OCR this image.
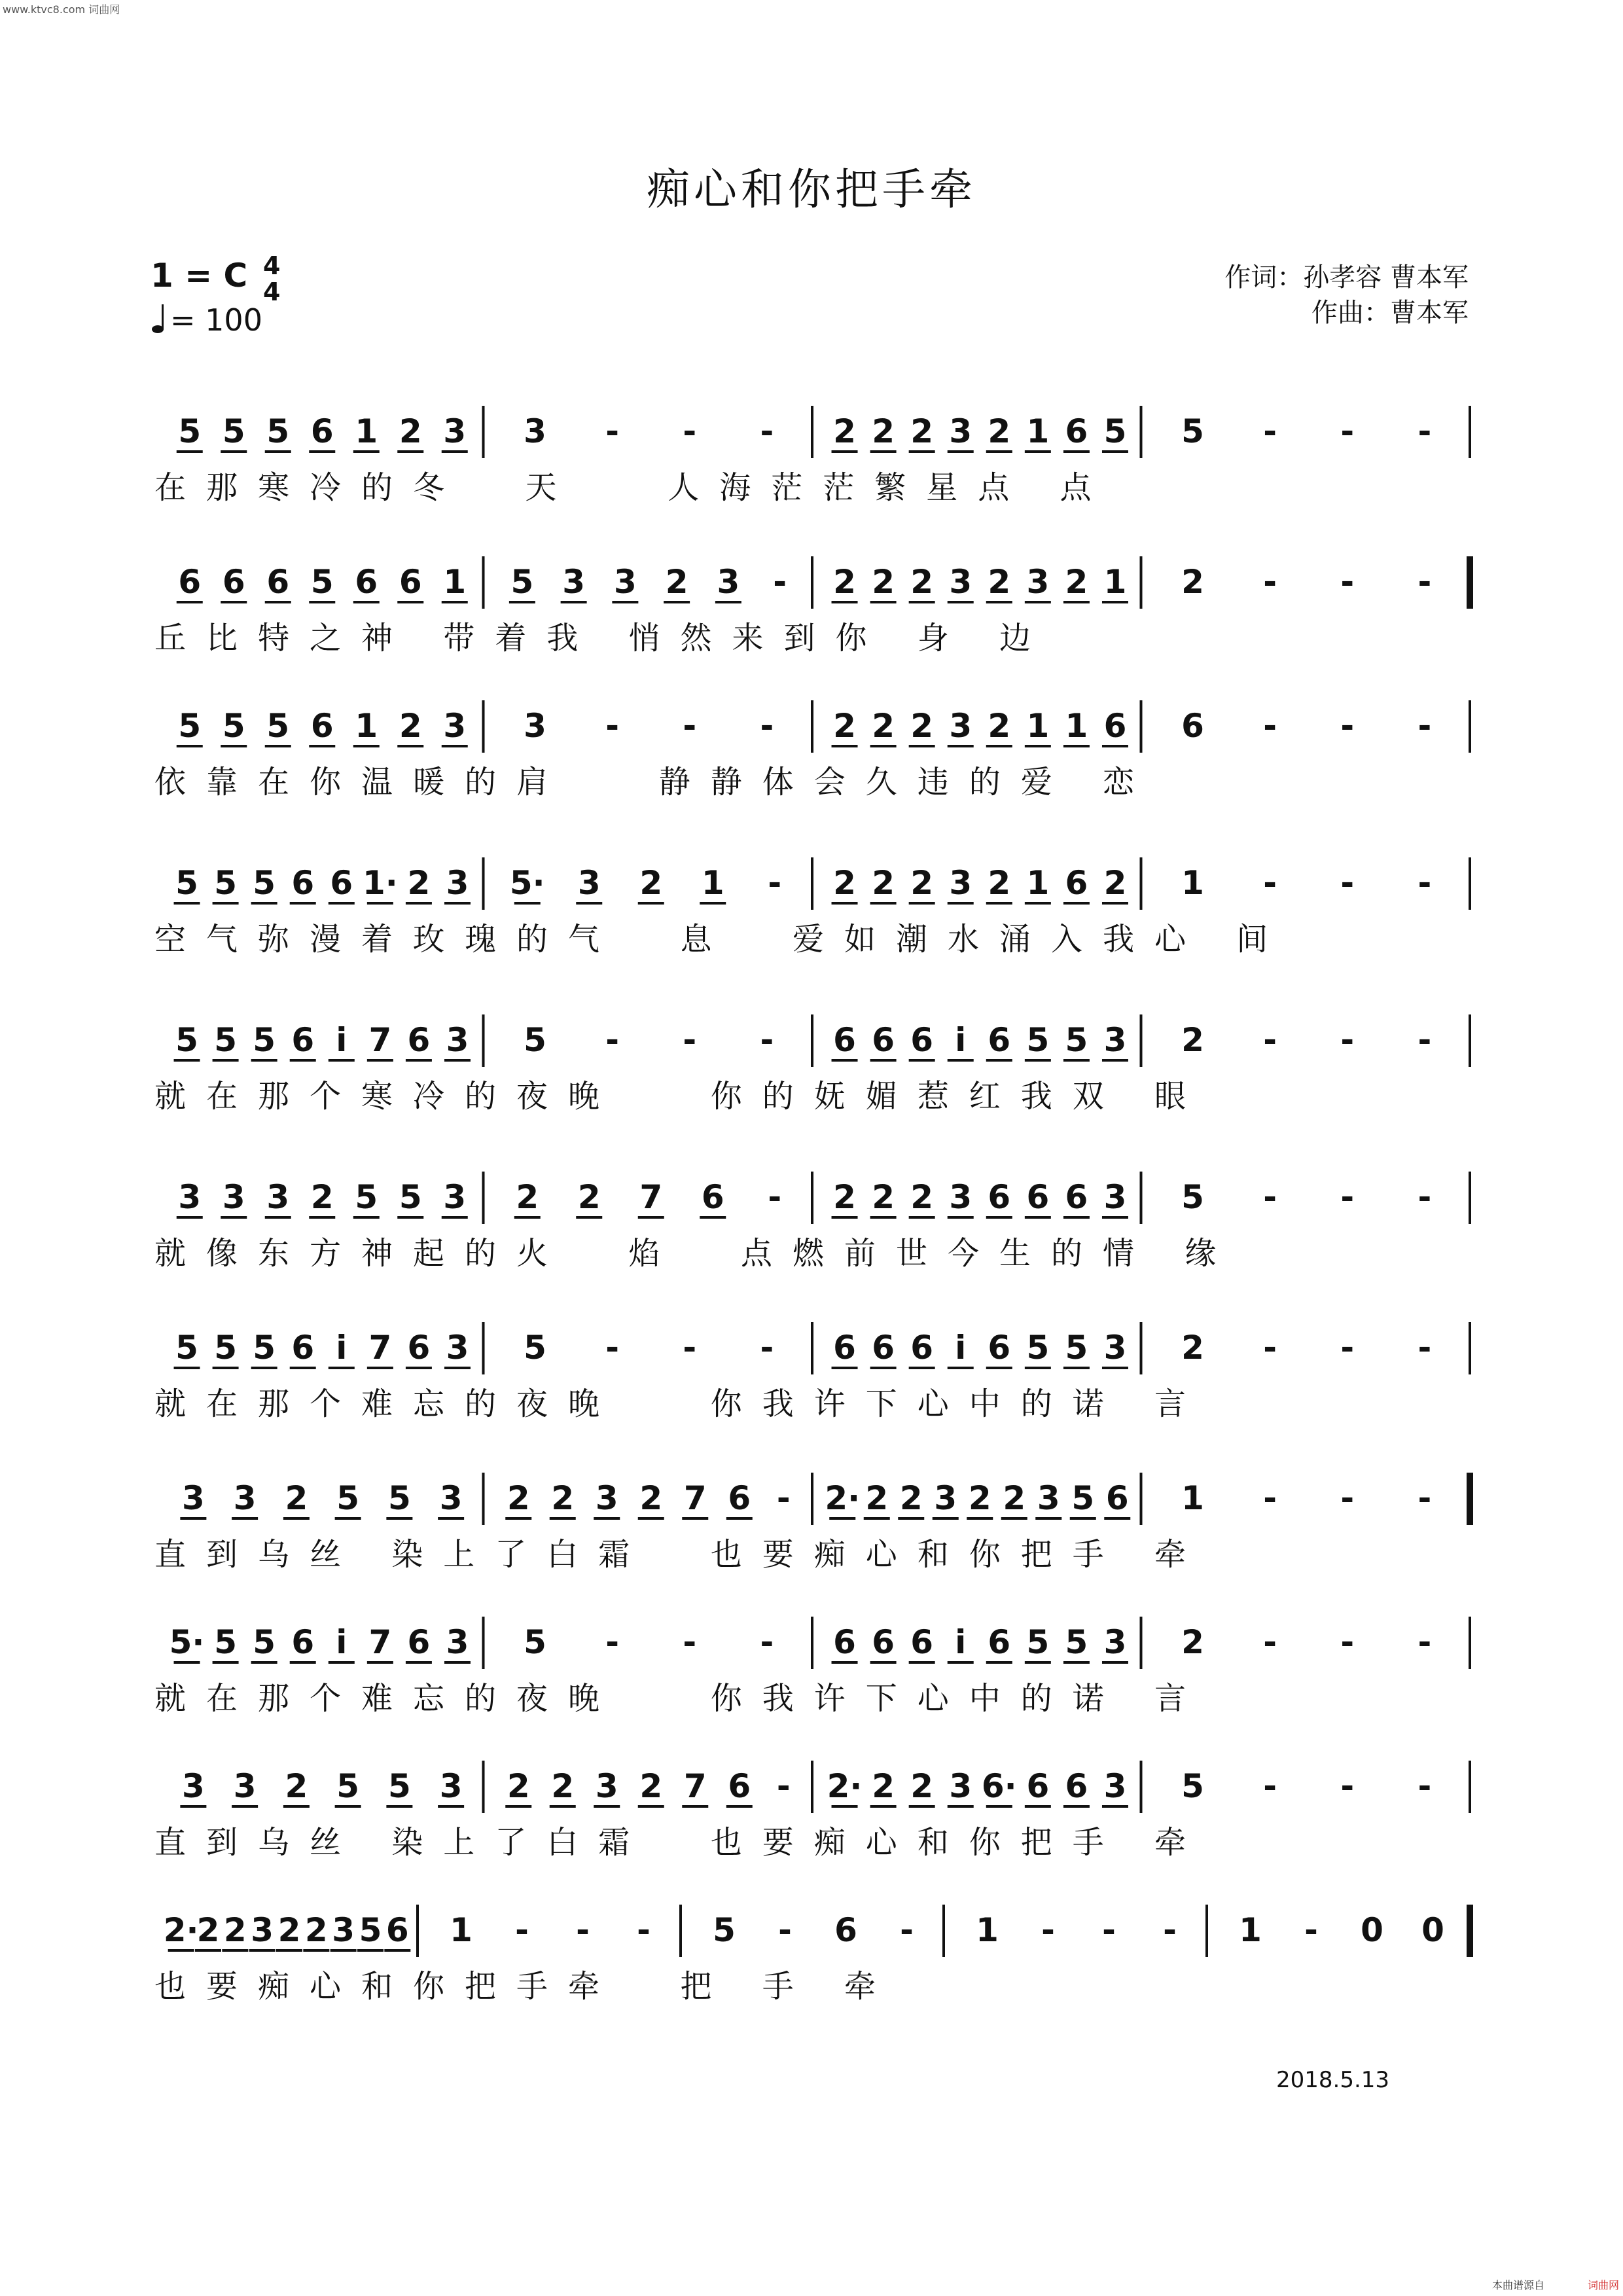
www.ktvc8.com 词曲网
痴心和你把手牵
1 = C 4
4
= 100
作词：孙孝容 曹本军
作曲：曹本军
5 5 5 6 1 2 3 3 - - - 2 2 2 3 2 1 6 5 5 - - -
在那寒冷的冬  天   人海茫茫繁星点 点
6 6 6 5 6 6 1 5 3 3 2 3 - 2 2 2 3 2 3 2 1 2 - - -
丘比特之神 带着我 悄然来到你 身 边
5 5 5 6 1 2 3 3 - - - 2 2 2 3 2 1 1 6 6 - - -
依靠在你温暖的肩   静静体会久违的爱 恋
5 5 5 6 6 1· 2 3 5· 3 2 1 - 2 2 2 3 2 1 6 2 1 - - -
空气弥漫着玫瑰的气  息  爱如潮水涌入我心 间
5 5 5 6 i 7 6 3 5 - - - 6 6 6 i 6 5 5 3 2 - - -
就在那个寒冷的夜晚   你的妩媚惹红我双 眼
3 3 3 2 5 5 3 2 2 7 6 - 2 2 2 3 6 6 6 3 5 - - -
就像东方神起的火  焰  点燃前世今生的情 缘
5 5 5 6 i 7 6 3 5 - - - 6 6 6 i 6 5 5 3 2 - - -
就在那个难忘的夜晚   你我许下心中的诺 言
3 3 2 5 5 3 2 2 3 2 7 6 - 2· 2 2 3 2 2 3 5 6 1 - - -
直到乌丝 染上了白霜  也要痴心和你把手 牵
5· 5 5 6 i 7 6 3 5 - - - 6 6 6 i 6 5 5 3 2 - - -
就在那个难忘的夜晚   你我许下心中的诺 言
3 3 2 5 5 3 2 2 3 2 7 6 - 2· 2 2 3 6· 6 6 3 5 - - -
直到乌丝 染上了白霜  也要痴心和你把手 牵
2·
2 2 3 2 2 3 5 6 1 - - - 5 - 6 - 1 - - - 1 - 0 0
也要痴心和你把手牵  把 手 牵
2018.5.13
本曲谱源自	词曲网
